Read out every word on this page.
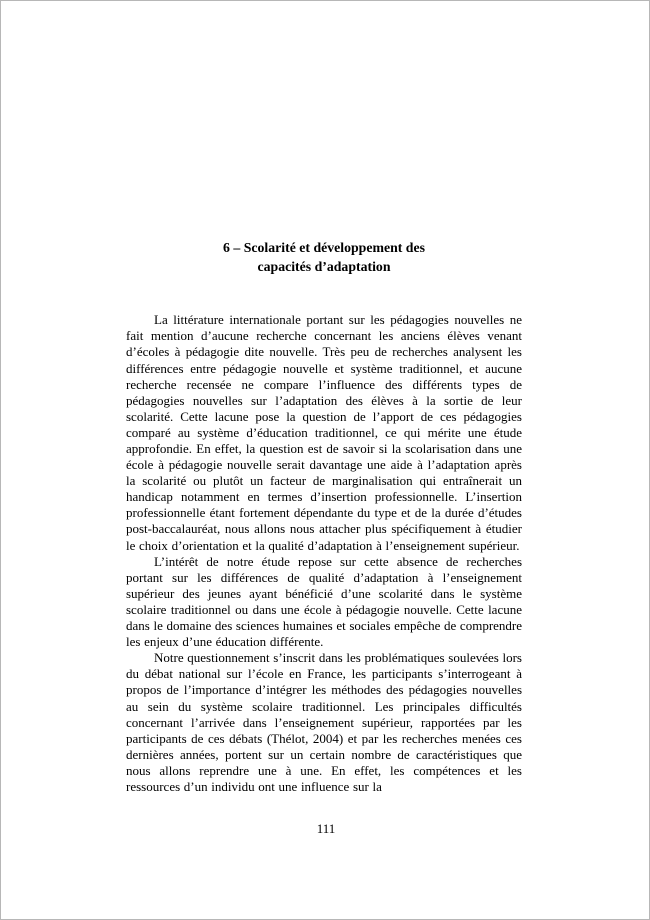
6 – Scolarité et développement des
capacités d’adaptation

La littérature internationale portant sur les pédagogies nouvelles ne fait mention d’aucune recherche concernant les anciens élèves venant d’écoles à pédagogie dite nouvelle. Très peu de recherches analysent les différences entre pédagogie nouvelle et système traditionnel, et aucune recherche recensée ne compare l’influence des différents types de pédagogies nouvelles sur l’adaptation des élèves à la sortie de leur scolarité. Cette lacune pose la question de l’apport de ces pédagogies comparé au système d’éducation traditionnel, ce qui mérite une étude approfondie. En effet, la question est de savoir si la scolarisation dans une école à pédagogie nouvelle serait davantage une aide à l’adaptation après la scolarité ou plutôt un facteur de marginalisation qui entraînerait un handicap notamment en termes d’insertion professionnelle. L’insertion professionnelle étant fortement dépendante du type et de la durée d’études post-baccalauréat, nous allons nous attacher plus spécifiquement à étudier le choix d’orientation et la qualité d’adaptation à l’enseignement supérieur.

L’intérêt de notre étude repose sur cette absence de recherches portant sur les différences de qualité d’adaptation à l’enseignement supérieur des jeunes ayant bénéficié d’une scolarité dans le système scolaire traditionnel ou dans une école à pédagogie nouvelle. Cette lacune dans le domaine des sciences humaines et sociales empêche de comprendre les enjeux d’une éducation différente.

Notre questionnement s’inscrit dans les problématiques soulevées lors du débat national sur l’école en France, les participants s’interrogeant à propos de l’importance d’intégrer les méthodes des pédagogies nouvelles au sein du système scolaire traditionnel. Les principales difficultés concernant l’arrivée dans l’enseignement supérieur, rapportées par les participants de ces débats (Thélot, 2004) et par les recherches menées ces dernières années, portent sur un certain nombre de caractéristiques que nous allons reprendre une à une. En effet, les compétences et les ressources d’un individu ont une influence sur la

111
